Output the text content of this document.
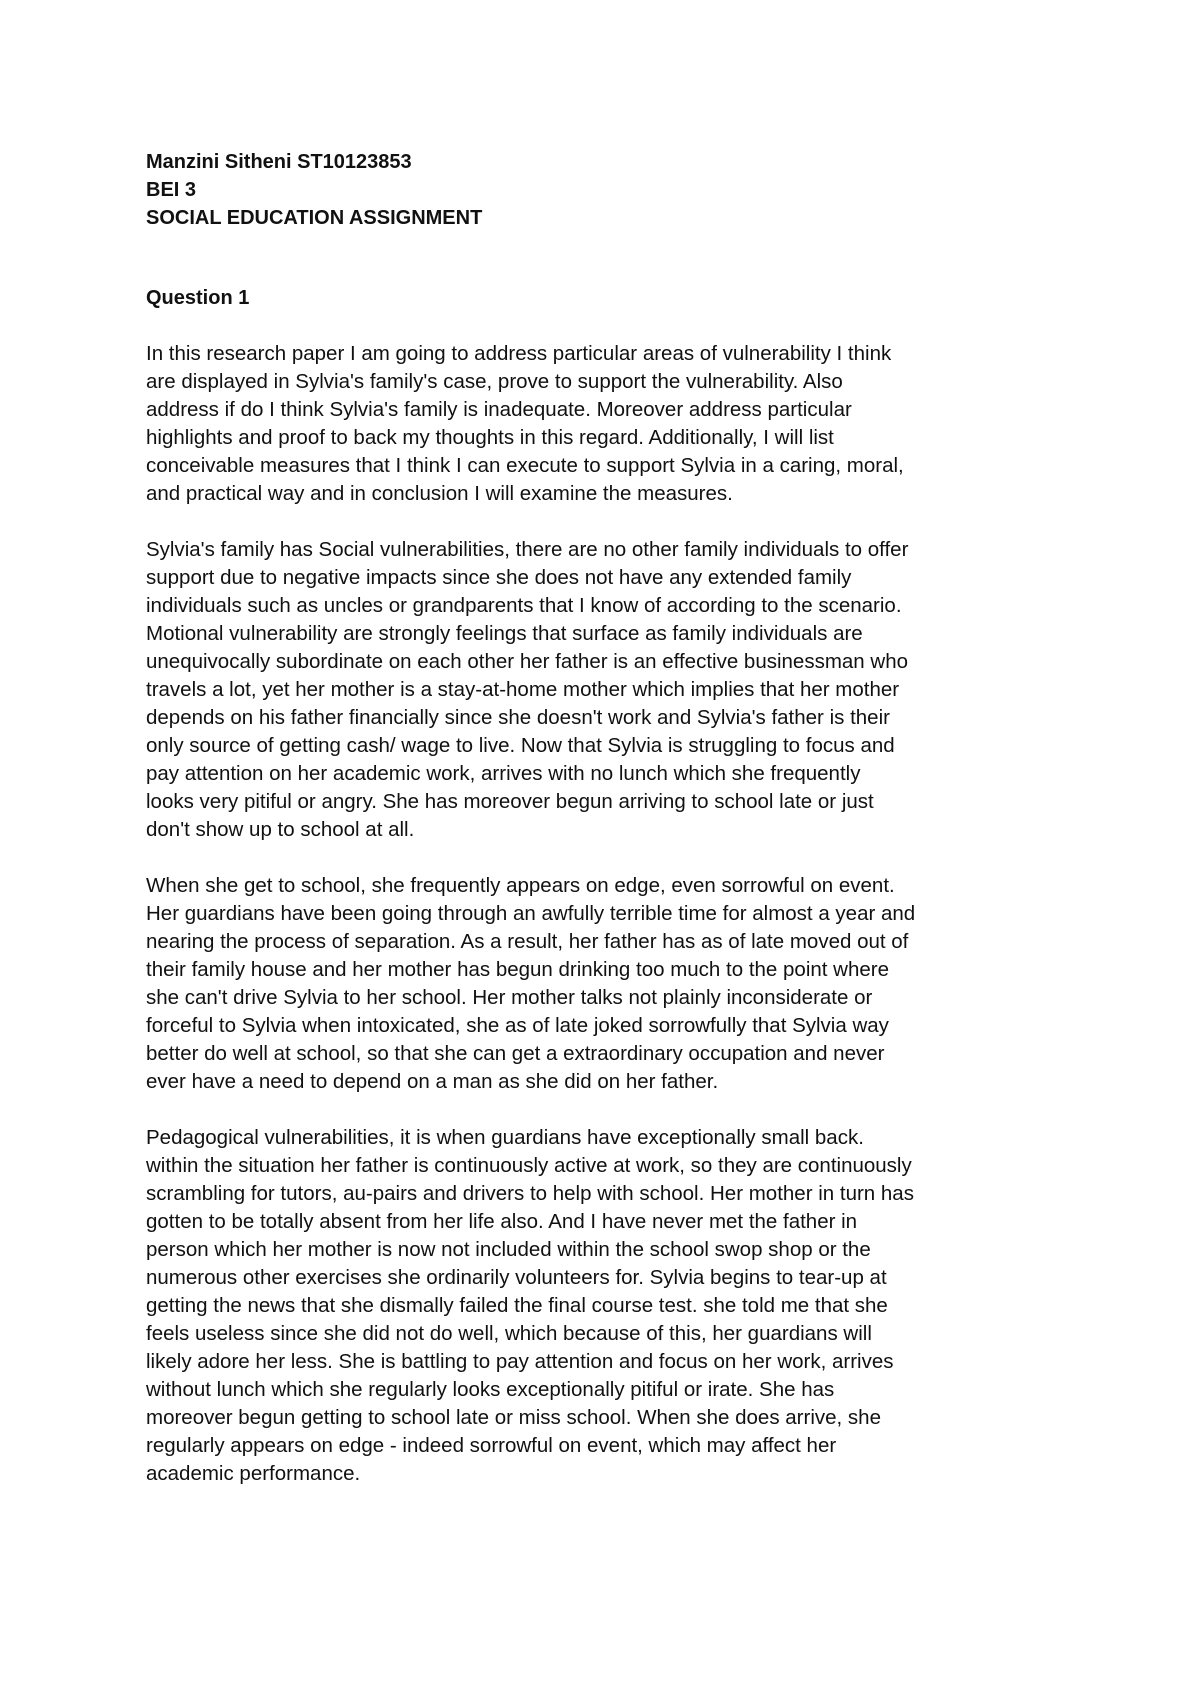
Manzini Sitheni ST10123853

BEI 3

SOCIAL EDUCATION ASSIGNMENT

Question 1

In this research paper I am going to address particular areas of vulnerability I think
are displayed in Sylvia's family's case, prove to support the vulnerability. Also
address if do I think Sylvia's family is inadequate. Moreover address particular
highlights and proof to back my thoughts in this regard. Additionally, I will list
conceivable measures that I think I can execute to support Sylvia in a caring, moral,
and practical way and in conclusion I will examine the measures.

Sylvia's family has Social vulnerabilities, there are no other family individuals to offer
support due to negative impacts since she does not have any extended family
individuals such as uncles or grandparents that I know of according to the scenario.
Motional vulnerability are strongly feelings that surface as family individuals are
unequivocally subordinate on each other her father is an effective businessman who
travels a lot, yet her mother is a stay-at-home mother which implies that her mother
depends on his father financially since she doesn't work and Sylvia's father is their
only source of getting cash/ wage to live. Now that Sylvia is struggling to focus and
pay attention on her academic work, arrives with no lunch which she frequently
looks very pitiful or angry. She has moreover begun arriving to school late or just
don't show up to school at all.

When she get to school, she frequently appears on edge, even sorrowful on event.
Her guardians have been going through an awfully terrible time for almost a year and
nearing the process of separation. As a result, her father has as of late moved out of
their family house and her mother has begun drinking too much to the point where
she can't drive Sylvia to her school. Her mother talks not plainly inconsiderate or
forceful to Sylvia when intoxicated, she as of late joked sorrowfully that Sylvia way
better do well at school, so that she can get a extraordinary occupation and never
ever have a need to depend on a man as she did on her father.

Pedagogical vulnerabilities, it is when guardians have exceptionally small back.
within the situation her father is continuously active at work, so they are continuously
scrambling for tutors, au-pairs and drivers to help with school. Her mother in turn has
gotten to be totally absent from her life also. And I have never met the father in
person which her mother is now not included within the school swop shop or the
numerous other exercises she ordinarily volunteers for. Sylvia begins to tear-up at
getting the news that she dismally failed the final course test. she told me that she
feels useless since she did not do well, which because of this, her guardians will
likely adore her less. She is battling to pay attention and focus on her work, arrives
without lunch which she regularly looks exceptionally pitiful or irate. She has
moreover begun getting to school late or miss school. When she does arrive, she
regularly appears on edge - indeed sorrowful on event, which may affect her
academic performance.
